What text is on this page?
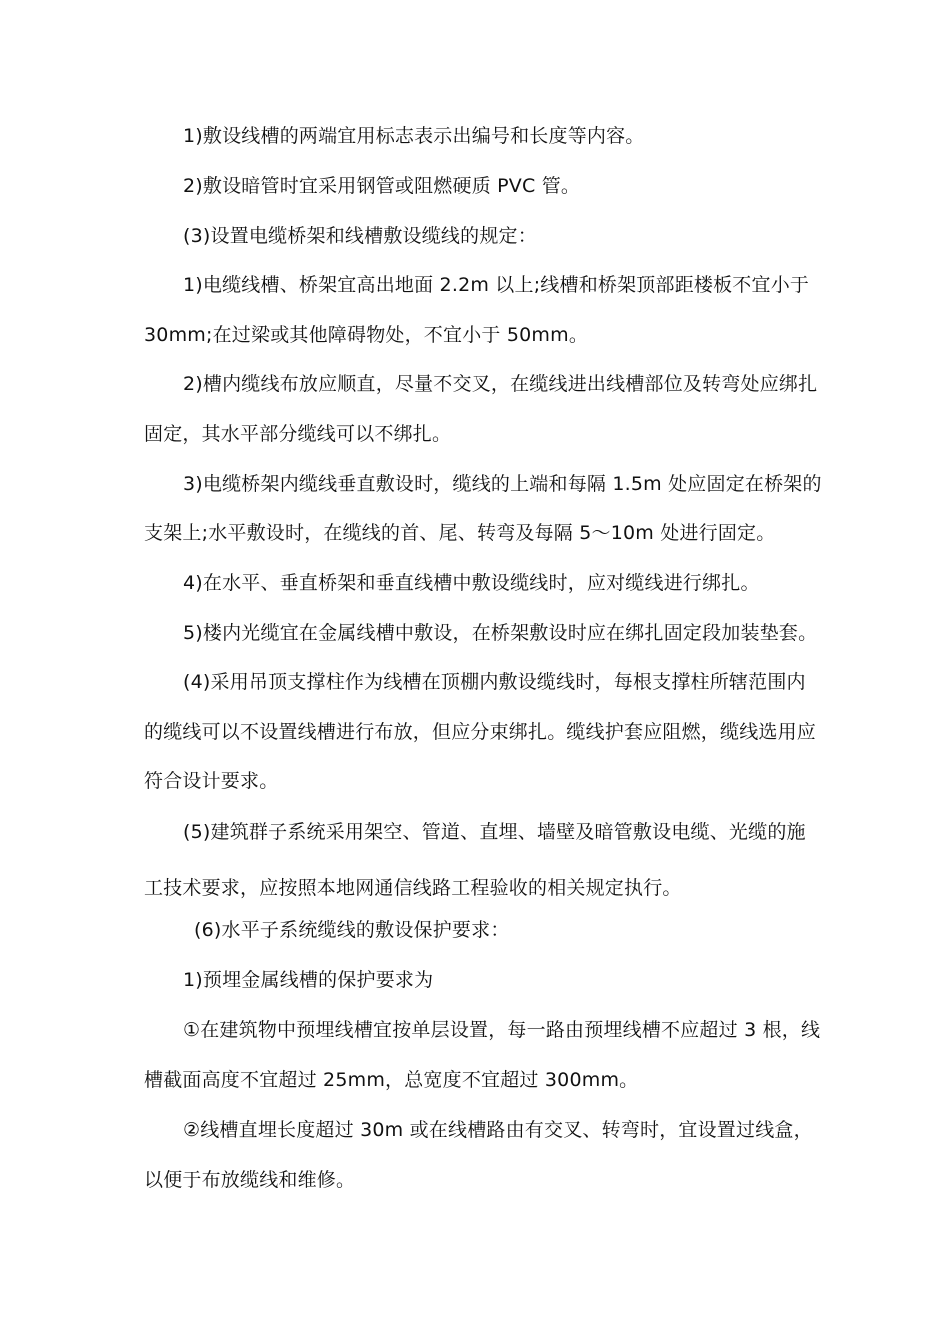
1)敷设线槽的两端宜用标志表示出编号和长度等内容。
2)敷设暗管时宜采用钢管或阻燃硬质 PVC 管。
(3)设置电缆桥架和线槽敷设缆线的规定：
1)电缆线槽、桥架宜高出地面 2.2m 以上;线槽和桥架顶部距楼板不宜小于
30mm;在过梁或其他障碍物处，不宜小于 50mm。
2)槽内缆线布放应顺直，尽量不交叉，在缆线进出线槽部位及转弯处应绑扎
固定，其水平部分缆线可以不绑扎。
3)电缆桥架内缆线垂直敷设时，缆线的上端和每隔 1.5m 处应固定在桥架的
支架上;水平敷设时，在缆线的首、尾、转弯及每隔 5～10m 处进行固定。
4)在水平、垂直桥架和垂直线槽中敷设缆线时，应对缆线进行绑扎。
5)楼内光缆宜在金属线槽中敷设，在桥架敷设时应在绑扎固定段加装垫套。
(4)采用吊顶支撑柱作为线槽在顶棚内敷设缆线时，每根支撑柱所辖范围内
的缆线可以不设置线槽进行布放，但应分束绑扎。缆线护套应阻燃，缆线选用应
符合设计要求。
(5)建筑群子系统采用架空、管道、直埋、墙壁及暗管敷设电缆、光缆的施
工技术要求，应按照本地网通信线路工程验收的相关规定执行。
(6)水平子系统缆线的敷设保护要求：
1)预埋金属线槽的保护要求为
①在建筑物中预埋线槽宜按单层设置，每一路由预埋线槽不应超过 3 根，线
槽截面高度不宜超过 25mm，总宽度不宜超过 300mm。
②线槽直埋长度超过 30m 或在线槽路由有交叉、转弯时，宜设置过线盒，
以便于布放缆线和维修。
